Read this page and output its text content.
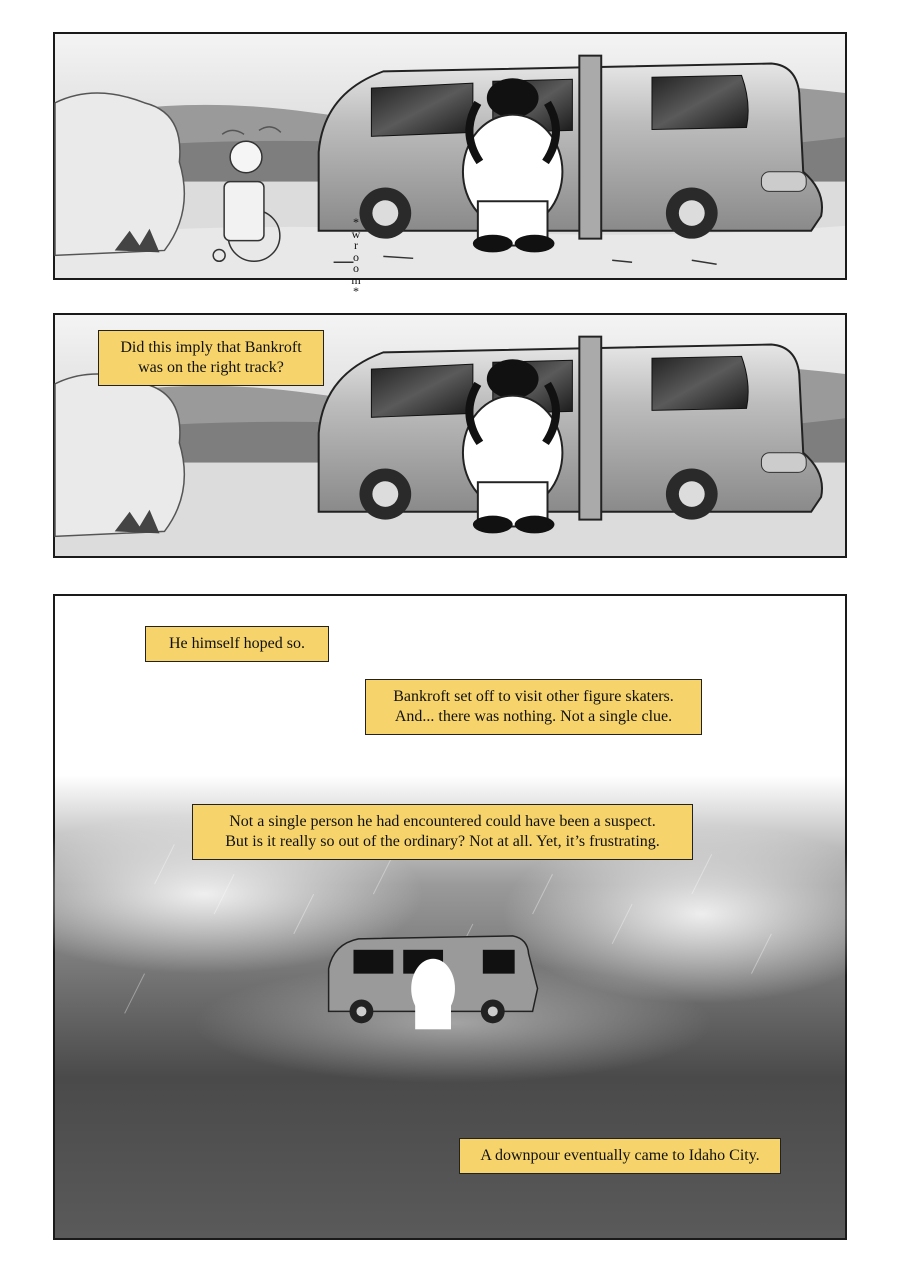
*
w
r
o
o
m
*
Did this imply that Bankroft
was on the right track?
He himself hoped so.
Bankroft set off to visit other figure skaters.
And... there was nothing. Not a single clue.
Not a single person he had encountered could have been a suspect.
But is it really so out of the ordinary? Not at all. Yet, it’s frustrating.
A downpour eventually came to Idaho City.
